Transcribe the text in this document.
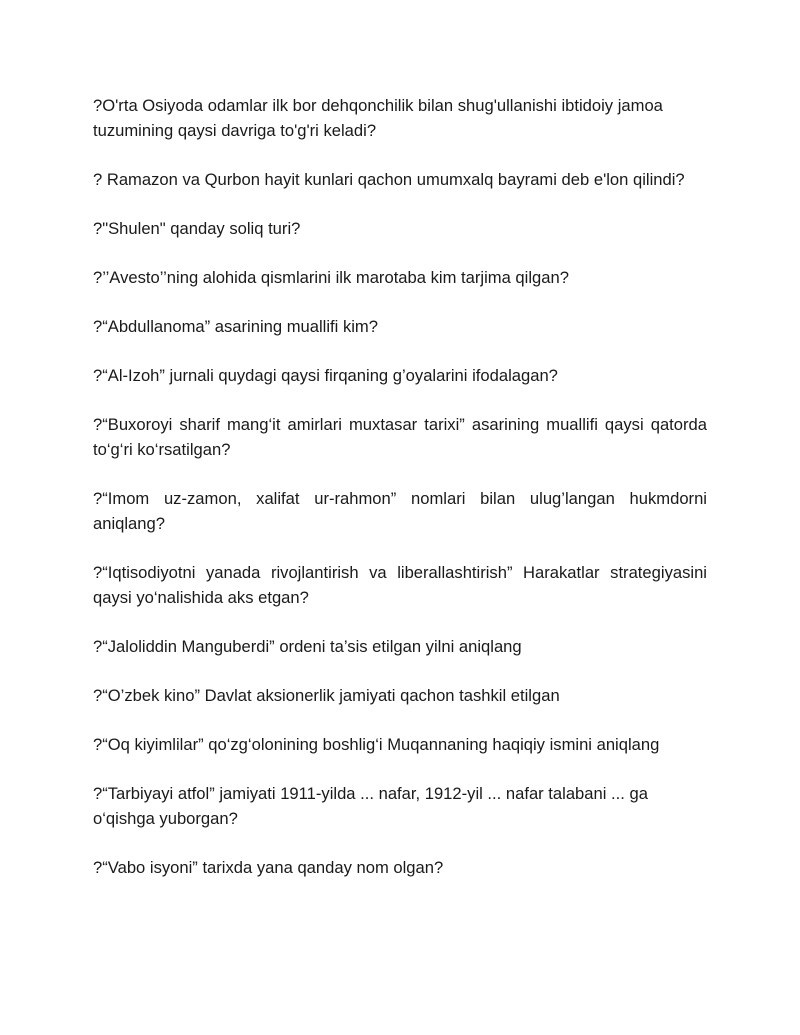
?O'rta Osiyoda odamlar ilk bor dehqonchilik bilan shug'ullanishi ibtidoiy jamoa tuzumining qaysi davriga to'g'ri keladi?

? Ramazon va Qurbon hayit kunlari qachon umumxalq bayrami deb e'lon qilindi?

?"Shulen" qanday soliq turi?

?’’Avesto’’ning alohida qismlarini ilk marotaba kim tarjima qilgan?

?“Abdullanoma” asarining muallifi kim?

?“Al-Izoh” jurnali quydagi qaysi firqaning g’oyalarini ifodalagan?

?“Buxoroyi sharif mang‘it amirlari muxtasar tarixi” asarining muallifi qaysi qatorda to‘g‘ri ko‘rsatilgan?

?“Imom uz-zamon, xalifat ur-rahmon” nomlari bilan ulug’langan hukmdorni aniqlang?

?“Iqtisodiyotni yanada rivojlantirish va liberallashtirish” Harakatlar strategiyasini qaysi yo‘nalishida aks etgan?

?“Jaloliddin Manguberdi” ordeni ta’sis etilgan yilni aniqlang

?“O’zbek kino” Davlat aksionerlik jamiyati qachon tashkil etilgan

?“Oq kiyimlilar” qo‘zg‘olonining boshlig‘i Muqannaning haqiqiy ismini aniqlang

?“Tarbiyayi atfol” jamiyati 1911-yilda ... nafar, 1912-yil ... nafar talabani ... ga o‘qishga yuborgan?

?“Vabo isyoni” tarixda yana qanday nom olgan?
